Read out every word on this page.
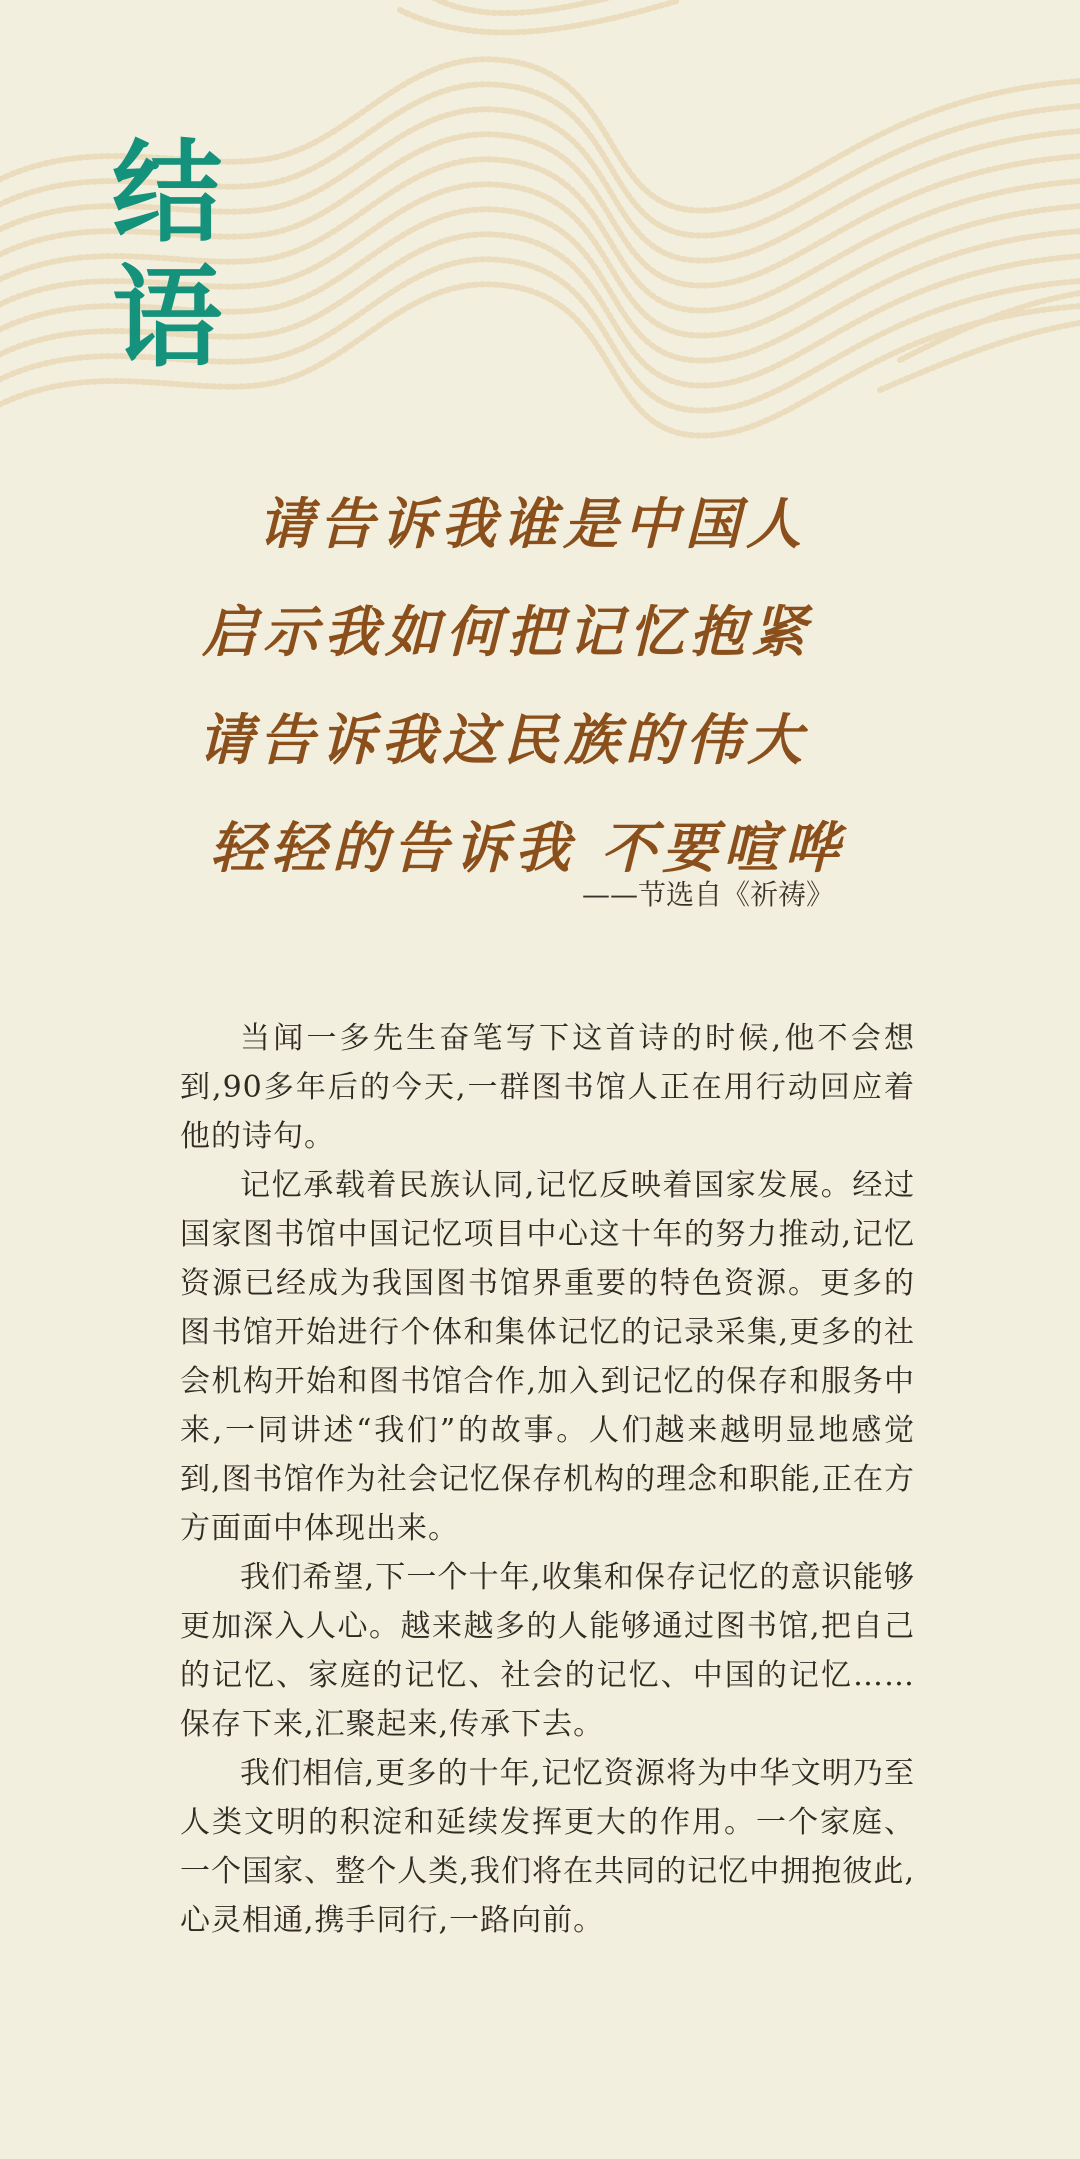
结
语
请告诉我谁是中国人
启示我如何把记忆抱紧
请告诉我这民族的伟大
轻轻的告诉我 不要喧哗
——节选自《祈祷》

当闻一多先生奋笔写下这首诗的时候,他不会想到,90多年后的今天,一群图书馆人正在用行动回应着他的诗句。

记忆承载着民族认同,记忆反映着国家发展。经过国家图书馆中国记忆项目中心这十年的努力推动,记忆资源已经成为我国图书馆界重要的特色资源。更多的图书馆开始进行个体和集体记忆的记录采集,更多的社会机构开始和图书馆合作,加入到记忆的保存和服务中来,一同讲述“我们”的故事。人们越来越明显地感觉到,图书馆作为社会记忆保存机构的理念和职能,正在方方面面中体现出来。

我们希望,下一个十年,收集和保存记忆的意识能够更加深入人心。越来越多的人能够通过图书馆,把自己的记忆、家庭的记忆、社会的记忆、中国的记忆……保存下来,汇聚起来,传承下去。

我们相信,更多的十年,记忆资源将为中华文明乃至人类文明的积淀和延续发挥更大的作用。一个家庭、一个国家、整个人类,我们将在共同的记忆中拥抱彼此,心灵相通,携手同行,一路向前。
